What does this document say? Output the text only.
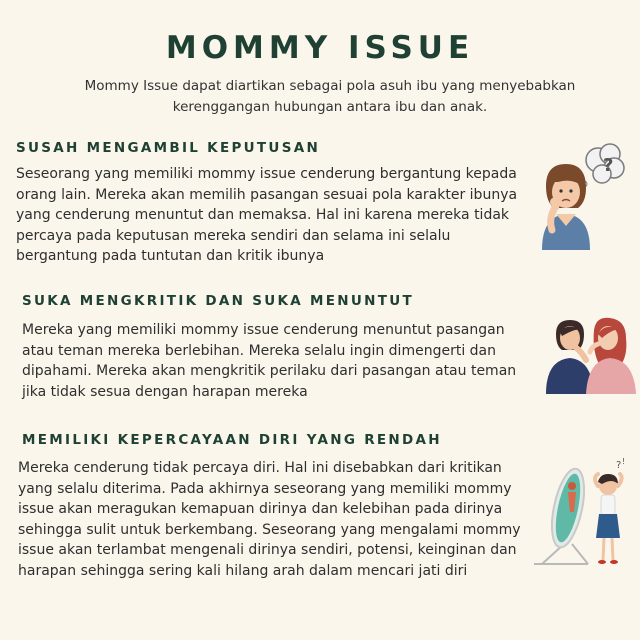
MOMMY ISSUE

Mommy Issue dapat diartikan sebagai pola asuh ibu yang menyebabkan kerenggangan hubungan antara ibu dan anak.

SUSAH MENGAMBIL KEPUTUSAN

Seseorang yang memiliki mommy issue cenderung bergantung kepada orang lain. Mereka akan memilih pasangan sesuai pola karakter ibunya yang cenderung menuntut dan memaksa. Hal ini karena mereka tidak percaya pada keputusan mereka sendiri dan selama ini selalu bergantung pada tuntutan dan kritik ibunya

?
SUKA MENGKRITIK DAN SUKA MENUNTUT

Mereka yang memiliki mommy issue cenderung menuntut pasangan atau teman mereka berlebihan. Mereka selalu ingin dimengerti dan dipahami. Mereka akan mengkritik perilaku dari pasangan atau teman jika tidak sesua dengan harapan mereka

MEMILIKI KEPERCAYAAN DIRI YANG RENDAH

Mereka cenderung tidak percaya diri. Hal ini disebabkan dari kritikan yang selalu diterima. Pada akhirnya seseorang yang memiliki mommy issue akan meragukan kemapuan dirinya dan kelebihan pada dirinya sehingga sulit untuk berkembang. Seseorang yang mengalami mommy issue akan terlambat mengenali dirinya sendiri, potensi, keinginan dan harapan sehingga sering kali hilang arah dalam mencari jati diri

? !
